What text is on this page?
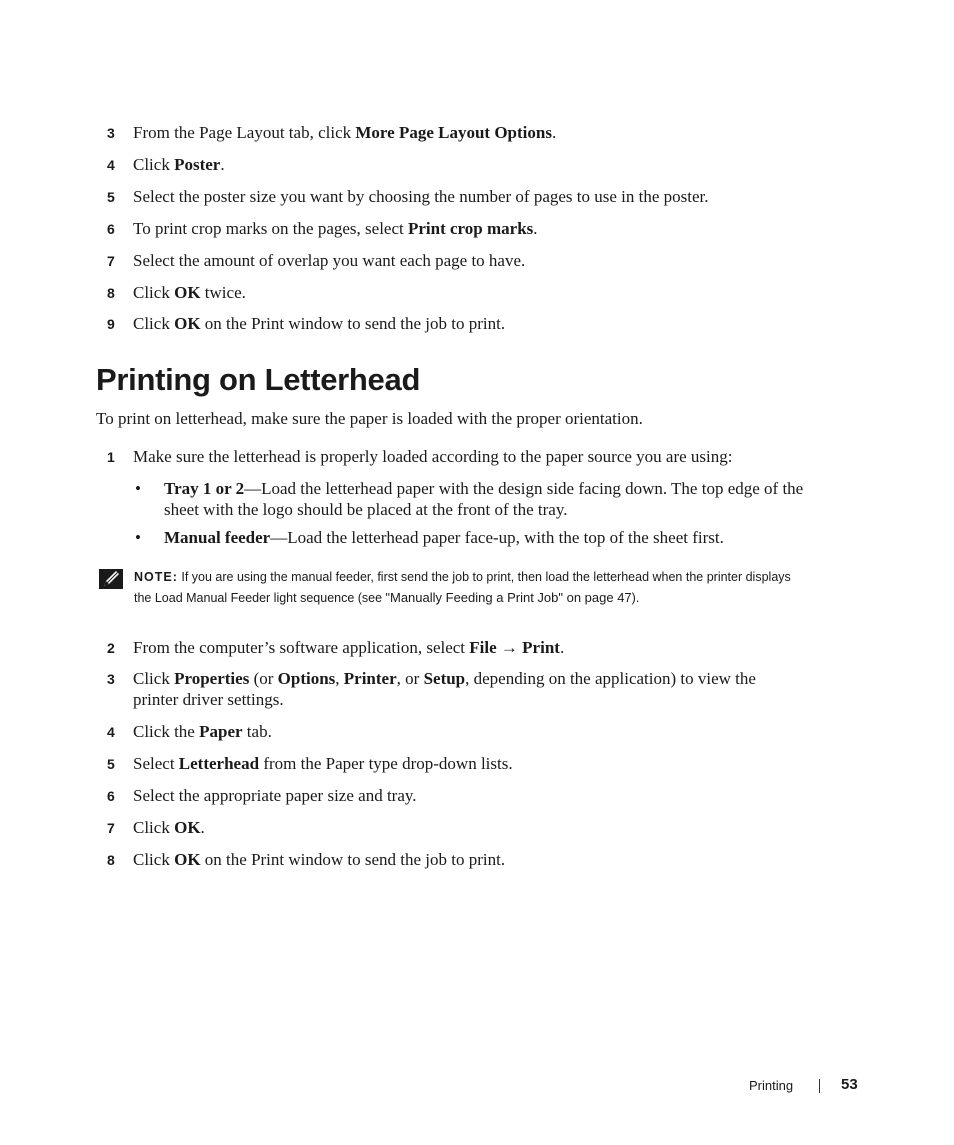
3 From the Page Layout tab, click More Page Layout Options.
4 Click Poster.
5 Select the poster size you want by choosing the number of pages to use in the poster.
6 To print crop marks on the pages, select Print crop marks.
7 Select the amount of overlap you want each page to have.
8 Click OK twice.
9 Click OK on the Print window to send the job to print.
Printing on Letterhead
To print on letterhead, make sure the paper is loaded with the proper orientation.
1 Make sure the letterhead is properly loaded according to the paper source you are using:
• Tray 1 or 2—Load the letterhead paper with the design side facing down. The top edge of the sheet with the logo should be placed at the front of the tray.
• Manual feeder—Load the letterhead paper face-up, with the top of the sheet first.
NOTE: If you are using the manual feeder, first send the job to print, then load the letterhead when the printer displays the Load Manual Feeder light sequence (see "Manually Feeding a Print Job" on page 47).
2 From the computer’s software application, select File → Print.
3 Click Properties (or Options, Printer, or Setup, depending on the application) to view the printer driver settings.
4 Click the Paper tab.
5 Select Letterhead from the Paper type drop-down lists.
6 Select the appropriate paper size and tray.
7 Click OK.
8 Click OK on the Print window to send the job to print.
Printing	53
